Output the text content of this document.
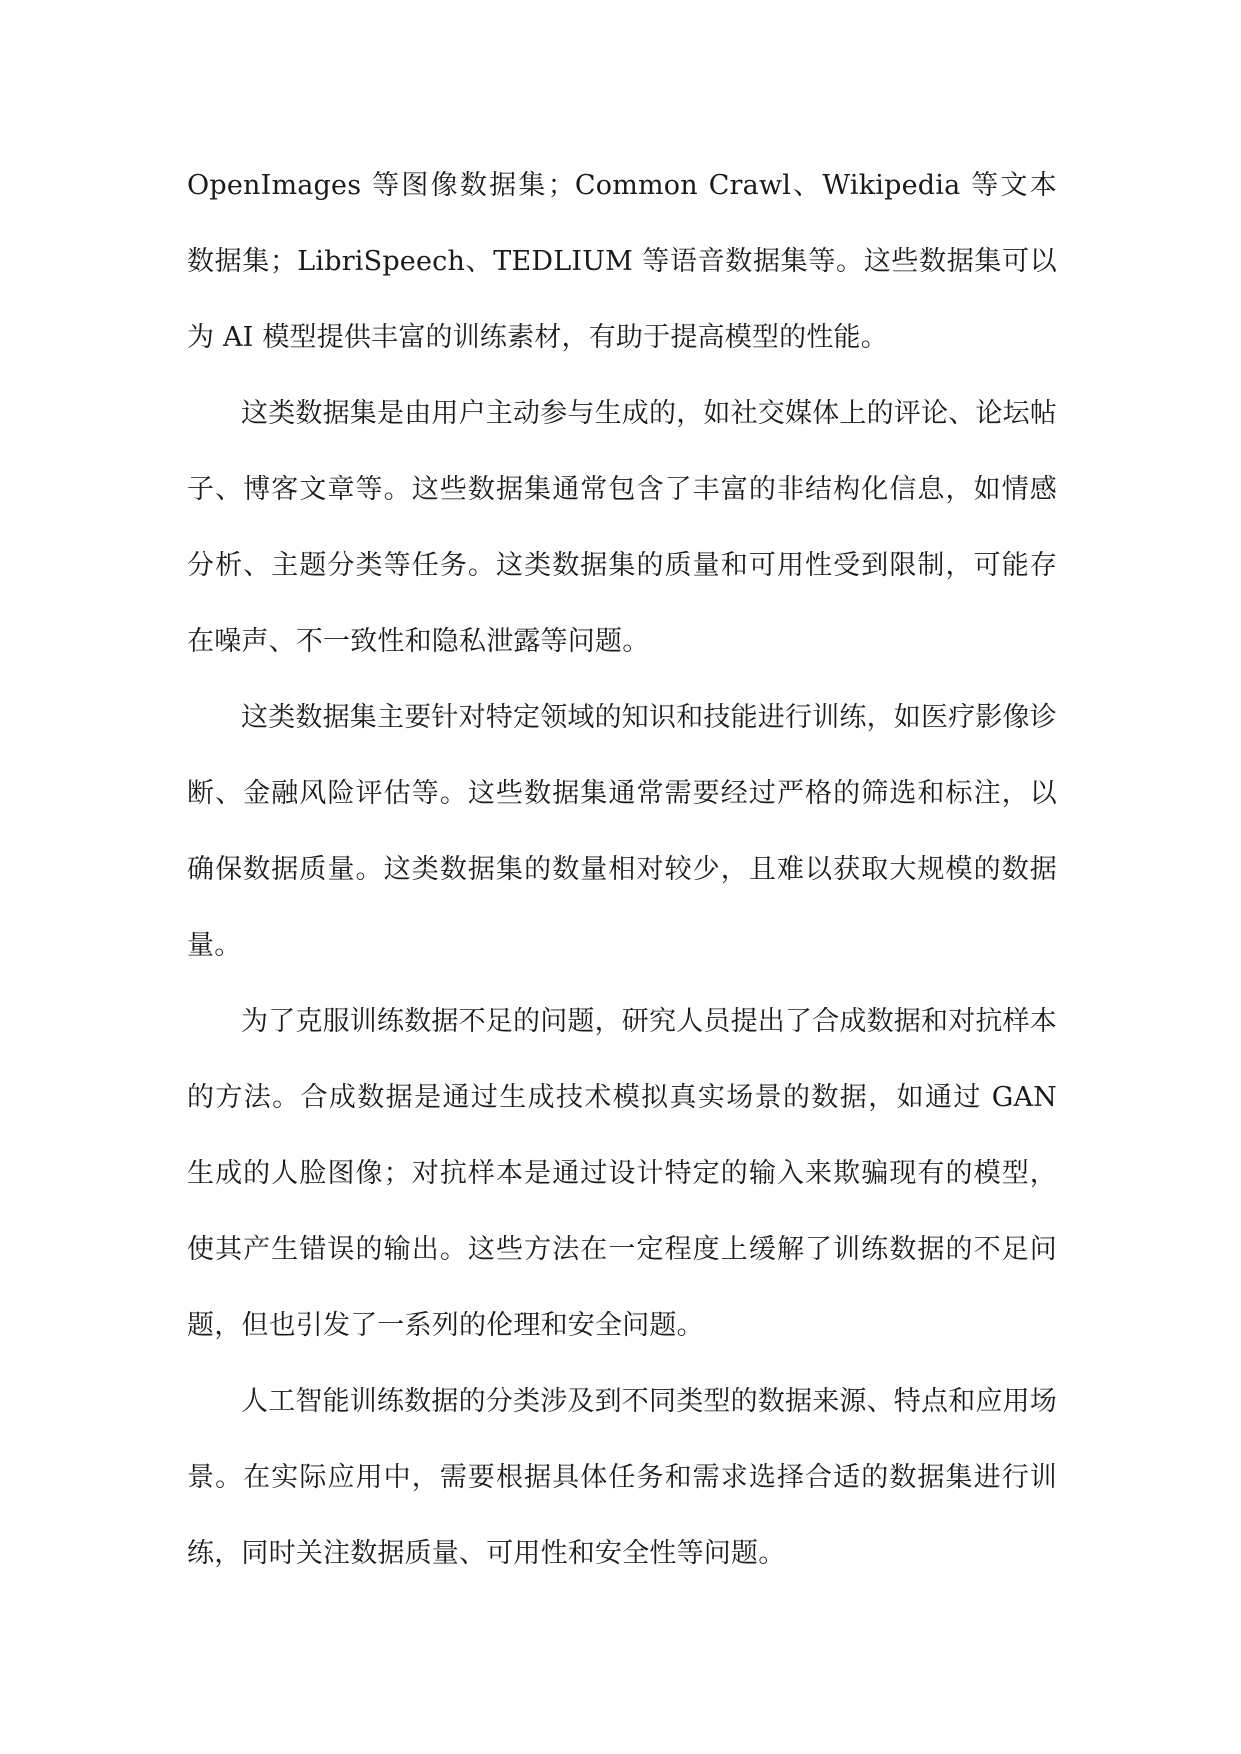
OpenImages 等图像数据集；Common Crawl、Wikipedia 等文本数据集；LibriSpeech、TEDLIUM 等语音数据集等。这些数据集可以为 AI 模型提供丰富的训练素材，有助于提高模型的性能。

这类数据集是由用户主动参与生成的，如社交媒体上的评论、论坛帖子、博客文章等。这些数据集通常包含了丰富的非结构化信息，如情感分析、主题分类等任务。这类数据集的质量和可用性受到限制，可能存在噪声、不一致性和隐私泄露等问题。

这类数据集主要针对特定领域的知识和技能进行训练，如医疗影像诊断、金融风险评估等。这些数据集通常需要经过严格的筛选和标注，以确保数据质量。这类数据集的数量相对较少，且难以获取大规模的数据量。

为了克服训练数据不足的问题，研究人员提出了合成数据和对抗样本的方法。合成数据是通过生成技术模拟真实场景的数据，如通过 GAN 生成的人脸图像；对抗样本是通过设计特定的输入来欺骗现有的模型，使其产生错误的输出。这些方法在一定程度上缓解了训练数据的不足问题，但也引发了一系列的伦理和安全问题。

人工智能训练数据的分类涉及到不同类型的数据来源、特点和应用场景。在实际应用中，需要根据具体任务和需求选择合适的数据集进行训练，同时关注数据质量、可用性和安全性等问题。
